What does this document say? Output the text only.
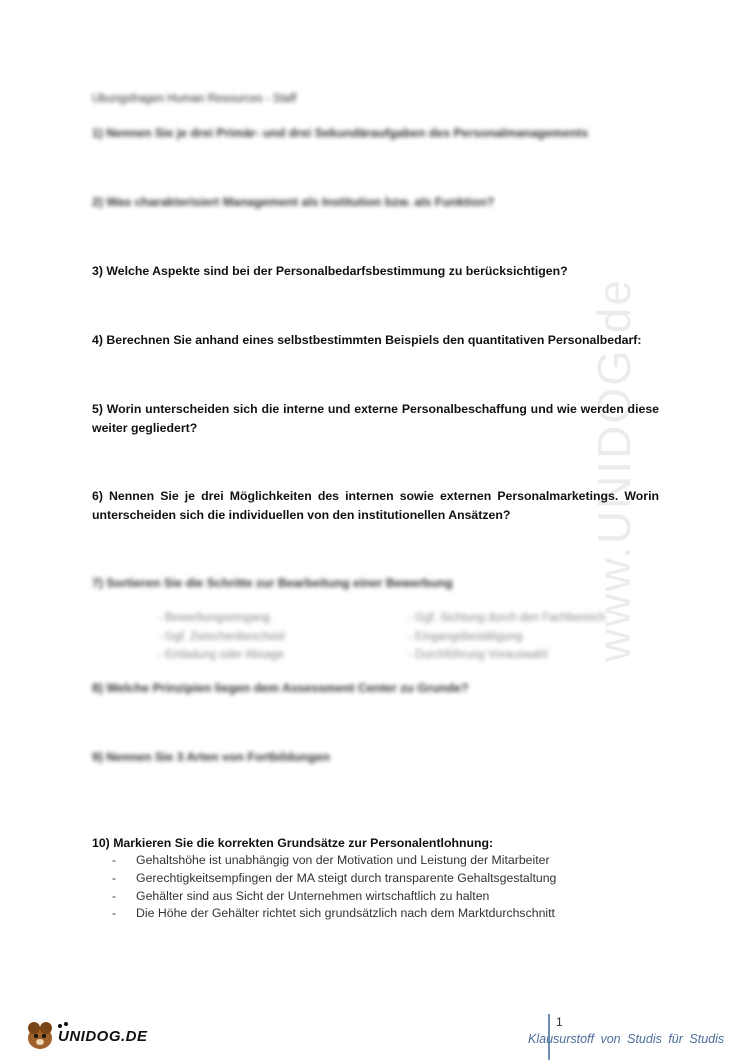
www.UNIDOG.de
Übungsfragen Human Resources - Staff
1) Nennen Sie je drei Primär- und drei Sekundäraufgaben des Personalmanagements
2) Was charakterisiert Management als Institution bzw. als Funktion?
3) Welche Aspekte sind bei der Personalbedarfsbestimmung zu berücksichtigen?
4) Berechnen Sie anhand eines selbstbestimmten Beispiels den quantitativen Personalbedarf:
5) Worin unterscheiden sich die interne und externe Personalbeschaffung und wie werden diese weiter gegliedert?
6) Nennen Sie je drei Möglichkeiten des internen sowie externen Personalmarketings. Worin unterscheiden sich die individuellen von den institutionellen Ansätzen?
7) Sortieren Sie die Schritte zur Bearbeitung einer Bewerbung
- Bewerbungseingang	- Ggf. Sichtung durch den Fachbereich
- Ggf. Zwischenbescheid	- Eingangsbestätigung
- Einladung oder Absage	- Durchführung Vorauswahl
8) Welche Prinzipien liegen dem Assessment Center zu Grunde?
9) Nennen Sie 3 Arten von Fortbildungen
10) Markieren Sie die korrekten Grundsätze zur Personalentlohnung:
-	Gehaltshöhe ist unabhängig von der Motivation und Leistung der Mitarbeiter
-	Gerechtigkeitsempfingen der MA steigt durch transparente Gehaltsgestaltung
-	Gehälter sind aus Sicht der Unternehmen wirtschaftlich zu halten
-	Die Höhe der Gehälter richtet sich grundsätzlich nach dem Marktdurchschnitt
UNIDOG.DE
1
Klausurstoff von Studis für Studis
